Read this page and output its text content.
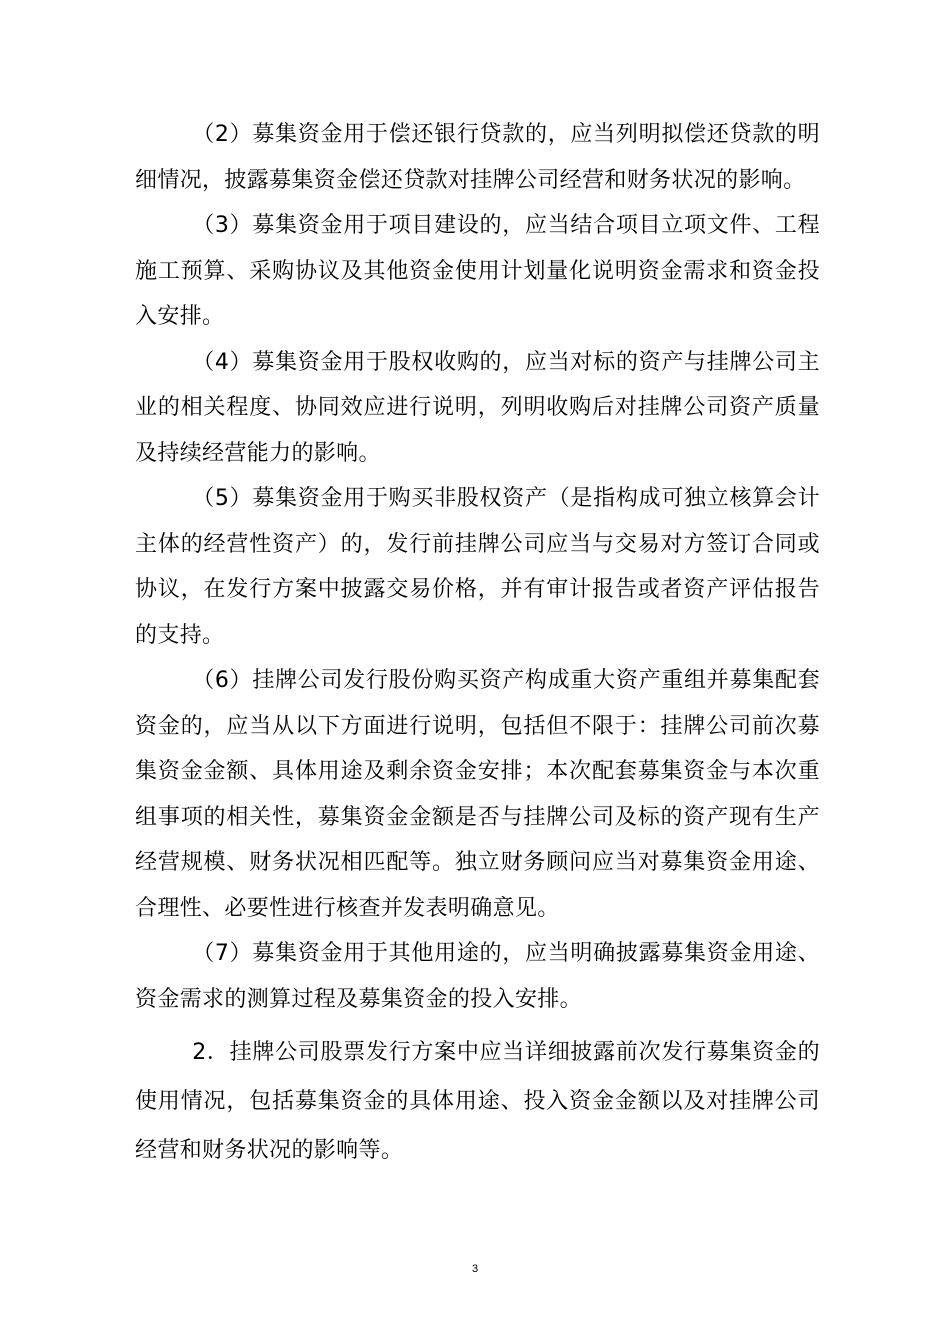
（2）募集资金用于偿还银行贷款的，应当列明拟偿还贷款的明细情况，披露募集资金偿还贷款对挂牌公司经营和财务状况的影响。

（3）募集资金用于项目建设的，应当结合项目立项文件、工程施工预算、采购协议及其他资金使用计划量化说明资金需求和资金投入安排。

（4）募集资金用于股权收购的，应当对标的资产与挂牌公司主业的相关程度、协同效应进行说明，列明收购后对挂牌公司资产质量及持续经营能力的影响。

（5）募集资金用于购买非股权资产（是指构成可独立核算会计主体的经营性资产）的，发行前挂牌公司应当与交易对方签订合同或协议，在发行方案中披露交易价格，并有审计报告或者资产评估报告的支持。

（6）挂牌公司发行股份购买资产构成重大资产重组并募集配套资金的，应当从以下方面进行说明，包括但不限于：挂牌公司前次募集资金金额、具体用途及剩余资金安排；本次配套募集资金与本次重组事项的相关性，募集资金金额是否与挂牌公司及标的资产现有生产经营规模、财务状况相匹配等。独立财务顾问应当对募集资金用途、合理性、必要性进行核查并发表明确意见。

（7）募集资金用于其他用途的，应当明确披露募集资金用途、资金需求的测算过程及募集资金的投入安排。

2．挂牌公司股票发行方案中应当详细披露前次发行募集资金的使用情况，包括募集资金的具体用途、投入资金金额以及对挂牌公司经营和财务状况的影响等。

3
